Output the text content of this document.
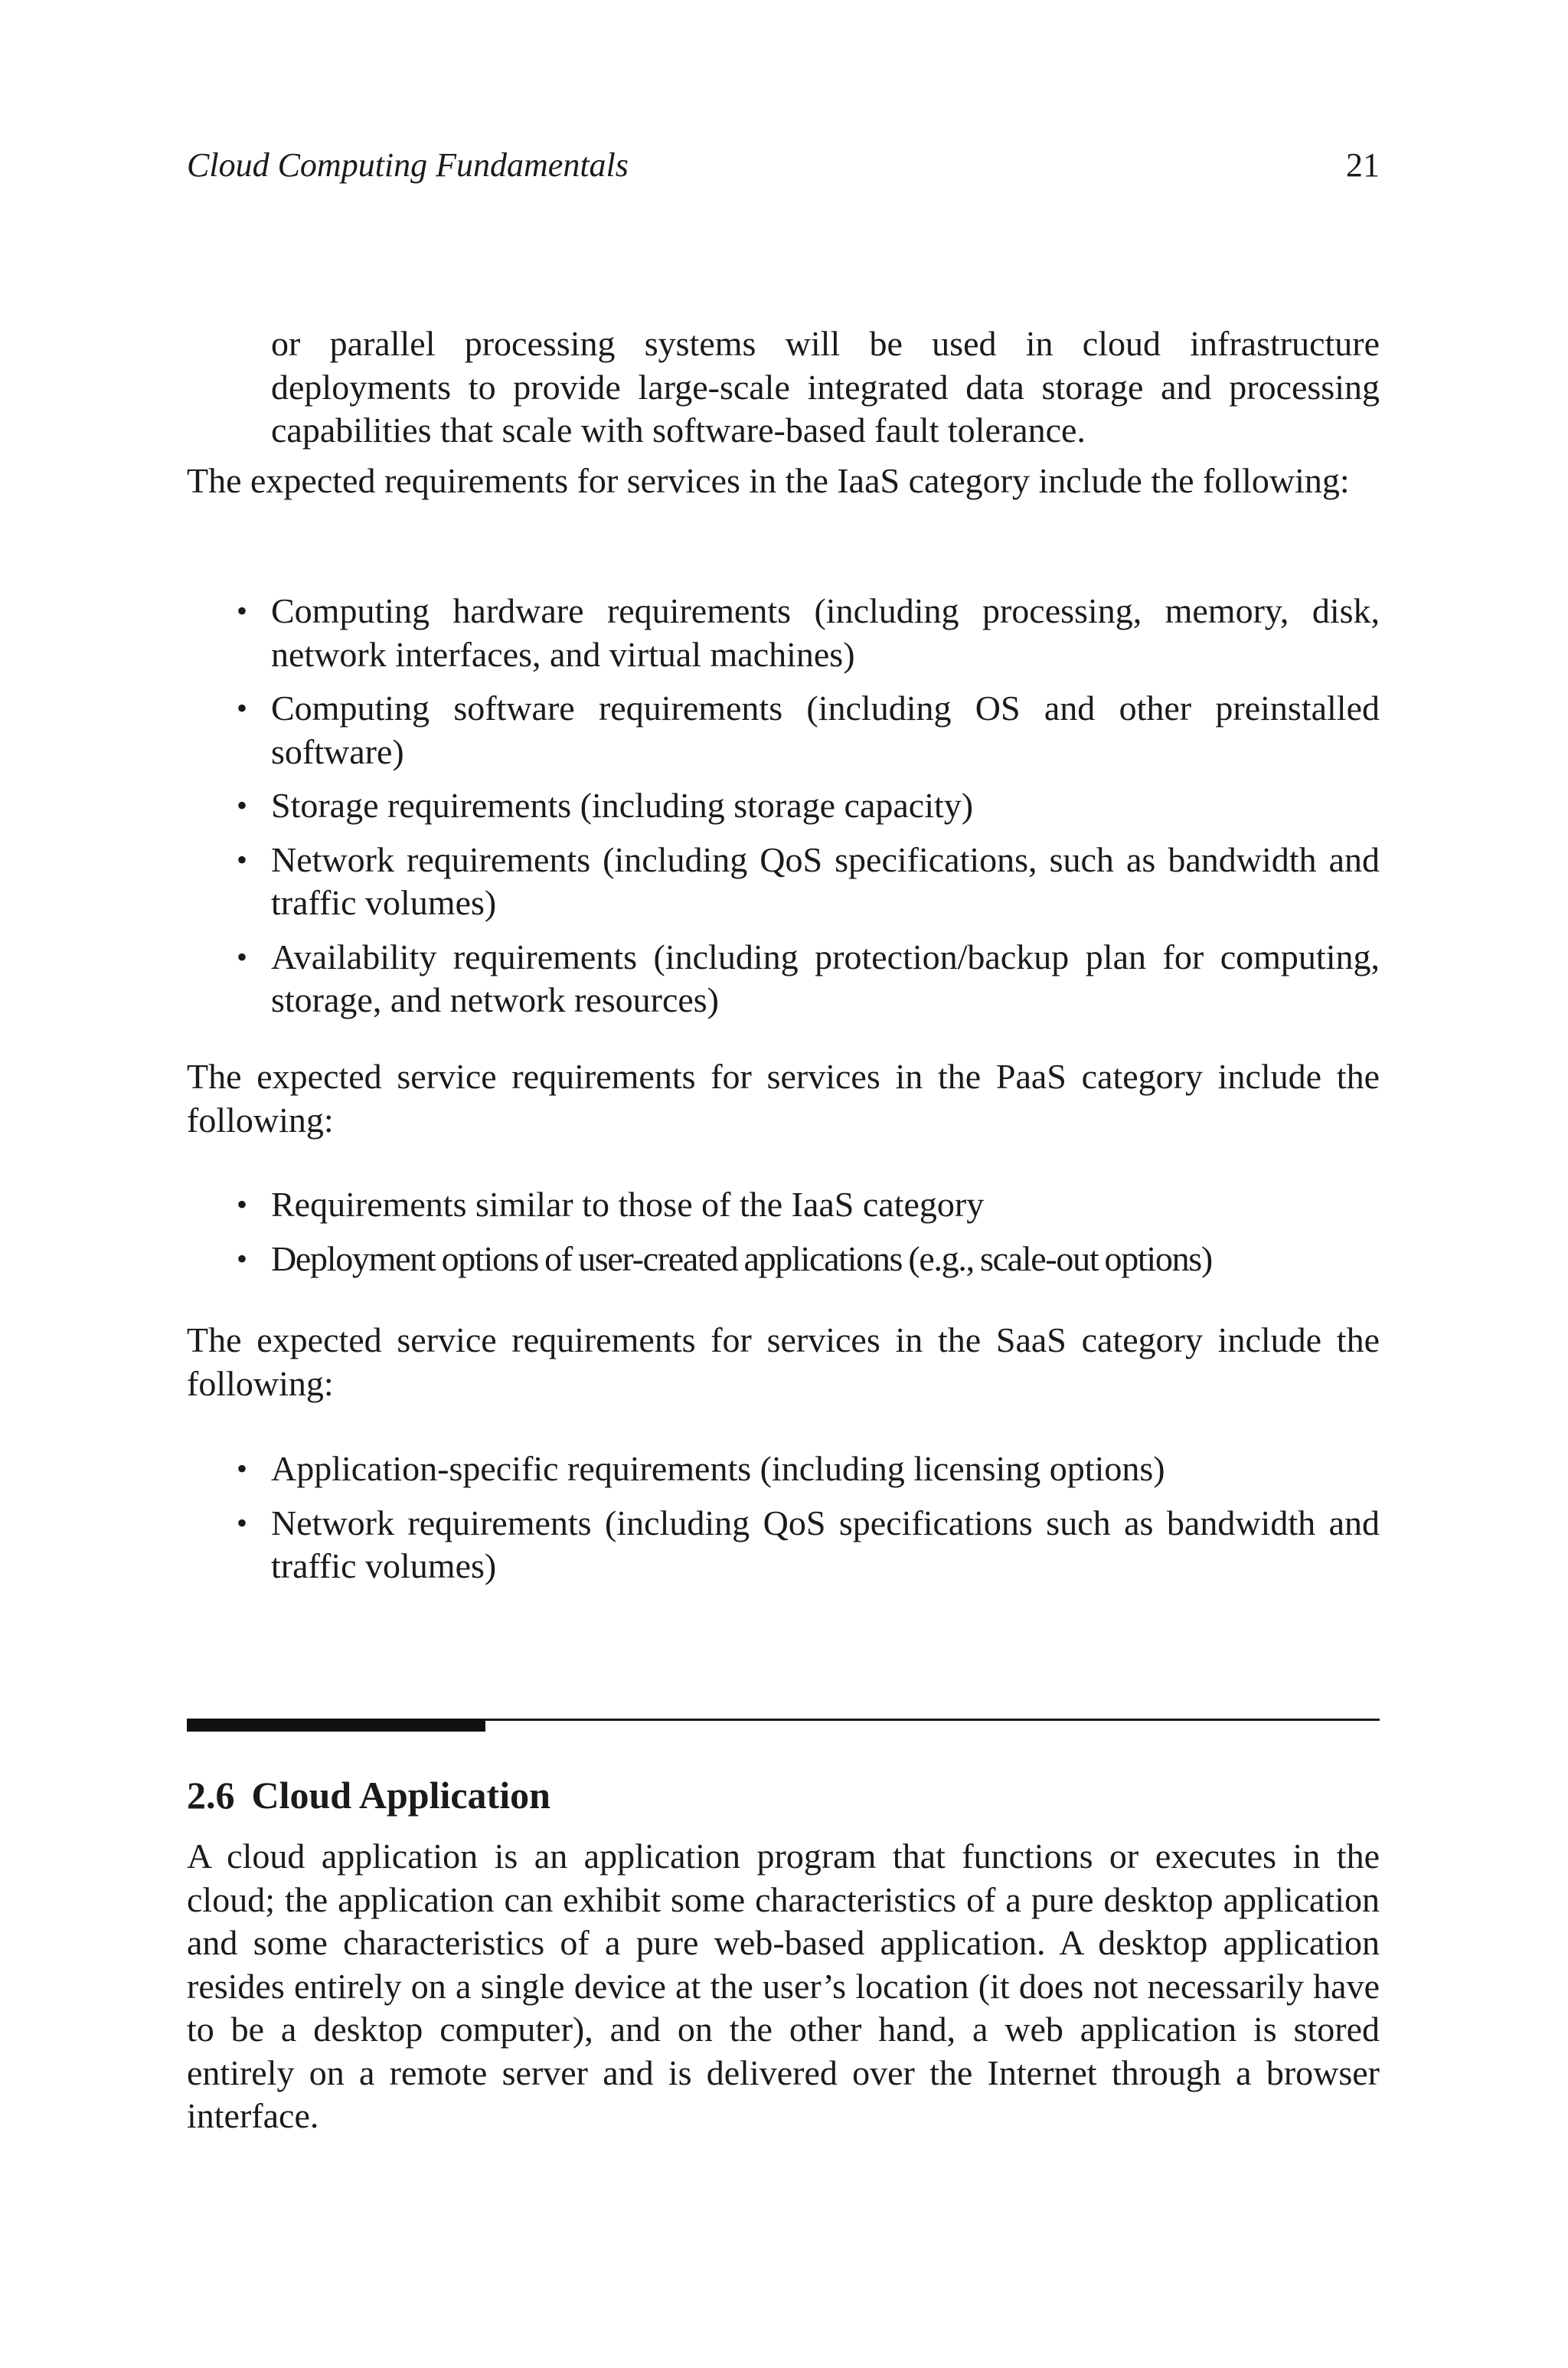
Cloud Computing Fundamentals	21

or parallel processing systems will be used in cloud infrastructure deployments to provide large-scale integrated data storage and processing capabilities that scale with software-based fault tolerance.

The expected requirements for services in the IaaS category include the following:

• Computing hardware requirements (including processing, memory, disk, network interfaces, and virtual machines)
• Computing software requirements (including OS and other preinstalled software)
• Storage requirements (including storage capacity)
• Network requirements (including QoS specifications, such as bandwidth and traffic volumes)
• Availability requirements (including protection/backup plan for computing, storage, and network resources)

The expected service requirements for services in the PaaS category include the following:

• Requirements similar to those of the IaaS category
• Deployment options of user-created applications (e.g., scale-out options)

The expected service requirements for services in the SaaS category include the following:

• Application-specific requirements (including licensing options)
• Network requirements (including QoS specifications such as bandwidth and traffic volumes)
2.6 Cloud Application

A cloud application is an application program that functions or executes in the cloud; the application can exhibit some characteristics of a pure desktop application and some characteristics of a pure web-based application. A desktop application resides entirely on a single device at the user’s location (it does not necessarily have to be a desktop computer), and on the other hand, a web application is stored entirely on a remote server and is delivered over the Internet through a browser interface.
